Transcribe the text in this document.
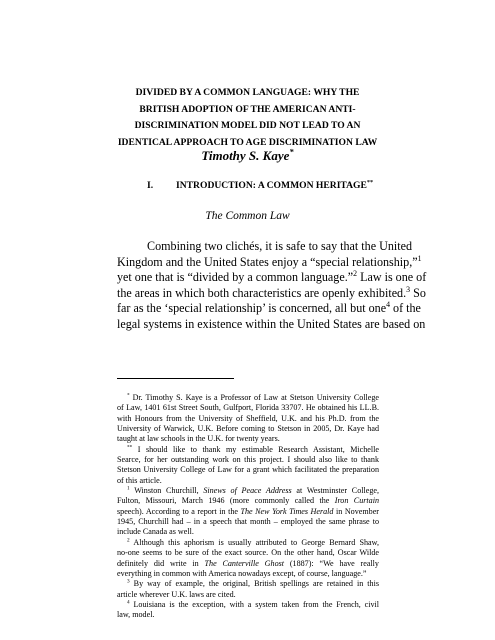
DIVIDED BY A COMMON LANGUAGE: WHY THE
BRITISH ADOPTION OF THE AMERICAN ANTI-
DISCRIMINATION MODEL DID NOT LEAD TO AN
IDENTICAL APPROACH TO AGE DISCRIMINATION LAW
Timothy S. Kaye*
I. INTRODUCTION: A COMMON HERITAGE**
The Common Law
Combining two clichés, it is safe to say that the United
Kingdom and the United States enjoy a “special relationship,”$^1$
yet one that is “divided by a common language.”$^2$ Law is one of
the areas in which both characteristics are openly exhibited.$^3$ So
far as the ‘special relationship’ is concerned, all but one$^4$ of the
legal systems in existence within the United States are based on
* Dr. Timothy S. Kaye is a Professor of Law at Stetson University College
of Law, 1401 61st Street South, Gulfport, Florida 33707. He obtained his LL.B.
with Honours from the University of Sheffield, U.K. and his Ph.D. from the
University of Warwick, U.K. Before coming to Stetson in 2005, Dr. Kaye had
taught at law schools in the U.K. for twenty years.
** I should like to thank my estimable Research Assistant, Michelle
Searce, for her outstanding work on this project. I should also like to thank
Stetson University College of Law for a grant which facilitated the preparation
of this article.
$^1$ Winston Churchill, Sinews of Peace Address at Westminster College,
Fulton, Missouri, March 1946 (more commonly called the Iron Curtain
speech). According to a report in the The New York Times Herald in November
1945, Churchill had – in a speech that month – employed the same phrase to
include Canada as well.
$^2$ Although this aphorism is usually attributed to George Bernard Shaw,
no-one seems to be sure of the exact source. On the other hand, Oscar Wilde
definitely did write in The Canterville Ghost (1887): “We have really
everything in common with America nowadays except, of course, language.”
$^3$ By way of example, the original, British spellings are retained in this
article wherever U.K. laws are cited.
$^4$ Louisiana is the exception, with a system taken from the French, civil
law, model.
